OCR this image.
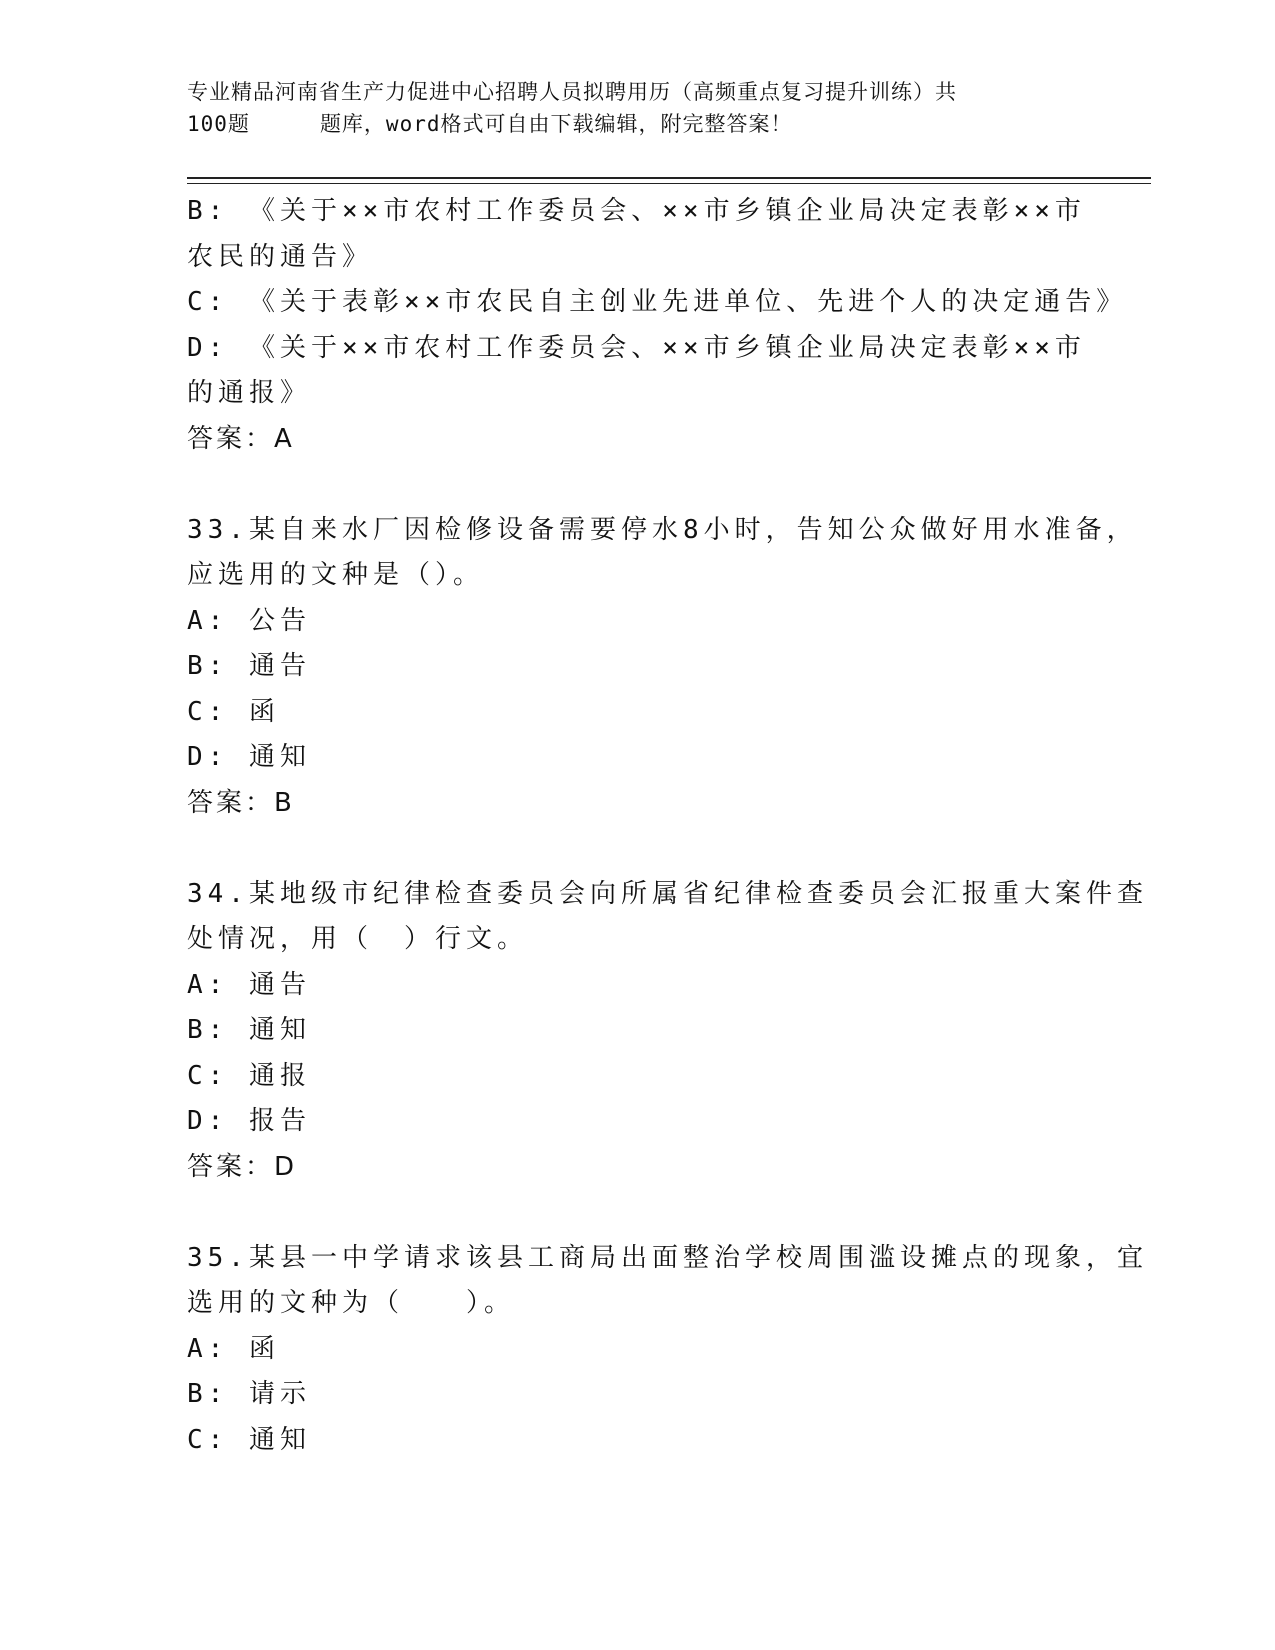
专业精品河南省生产力促进中心招聘人员拟聘用历（高频重点复习提升训练）共
100题	题库，word格式可自由下载编辑，附完整答案！
B: 《关于××市农村工作委员会、××市乡镇企业局决定表彰××市
农民的通告》
C: 《关于表彰××市农民自主创业先进单位、先进个人的决定通告》
D: 《关于××市农村工作委员会、××市乡镇企业局决定表彰××市
的通报》
答案：A
33.某自来水厂因检修设备需要停水8小时，告知公众做好用水准备，
应选用的文种是（）。
A: 公告
B: 通告
C: 函
D: 通知
答案：B
34.某地级市纪律检查委员会向所属省纪律检查委员会汇报重大案件查
处情况，用（　）行文。
A: 通告
B: 通知
C: 通报
D: 报告
答案：D
35.某县一中学请求该县工商局出面整治学校周围滥设摊点的现象，宜
选用的文种为（　　）。
A: 函
B: 请示
C: 通知
